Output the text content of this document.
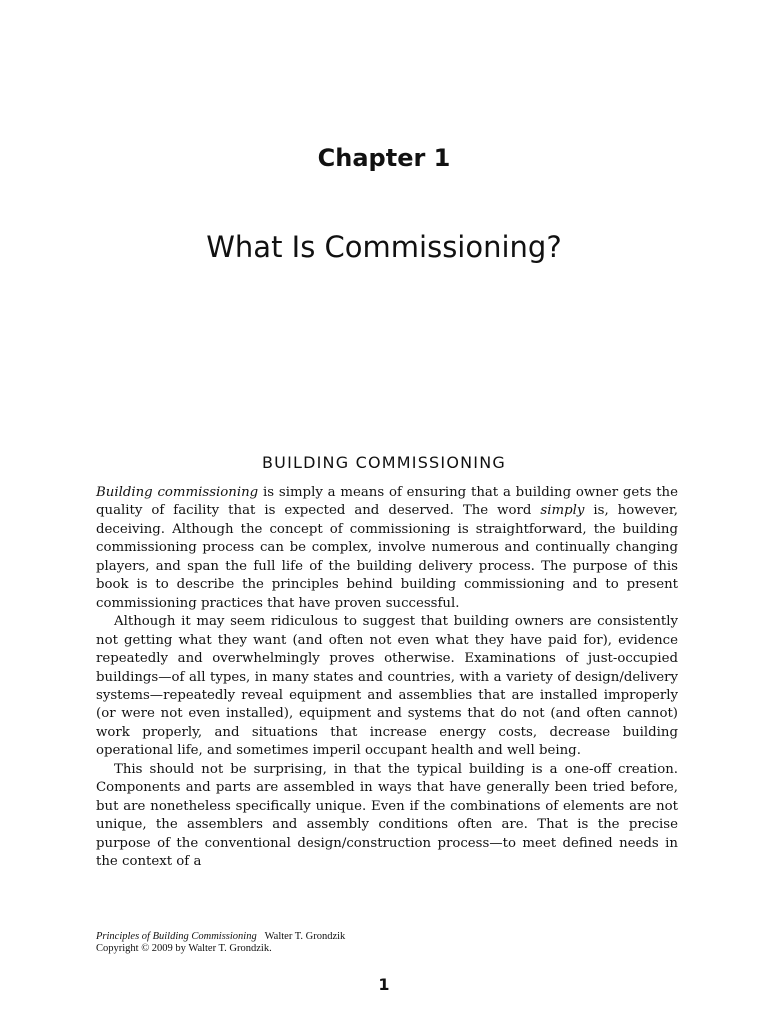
Chapter 1
What Is Commissioning?
BUILDING COMMISSIONING

Building commissioning is simply a means of ensuring that a building owner gets the quality of facility that is expected and deserved. The word simply is, however, deceiving. Although the concept of commissioning is straightforward, the building commissioning process can be complex, involve numerous and continually changing players, and span the full life of the building delivery process. The purpose of this book is to describe the principles behind building commissioning and to present commissioning practices that have proven successful.

Although it may seem ridiculous to suggest that building owners are consistently not getting what they want (and often not even what they have paid for), evidence repeatedly and overwhelmingly proves otherwise. Examinations of just-occupied buildings—of all types, in many states and countries, with a variety of design/delivery systems—repeatedly reveal equipment and assemblies that are installed improperly (or were not even installed), equipment and systems that do not (and often cannot) work properly, and situations that increase energy costs, decrease building operational life, and sometimes imperil occupant health and well being.

This should not be surprising, in that the typical building is a one-off creation. Components and parts are assembled in ways that have generally been tried before, but are nonetheless specifically unique. Even if the combinations of elements are not unique, the assemblers and assembly conditions often are. That is the precise purpose of the conventional design/construction process—to meet defined needs in the context of a

Principles of Building Commissioning Walter T. Grondzik
Copyright © 2009 by Walter T. Grondzik.
1
